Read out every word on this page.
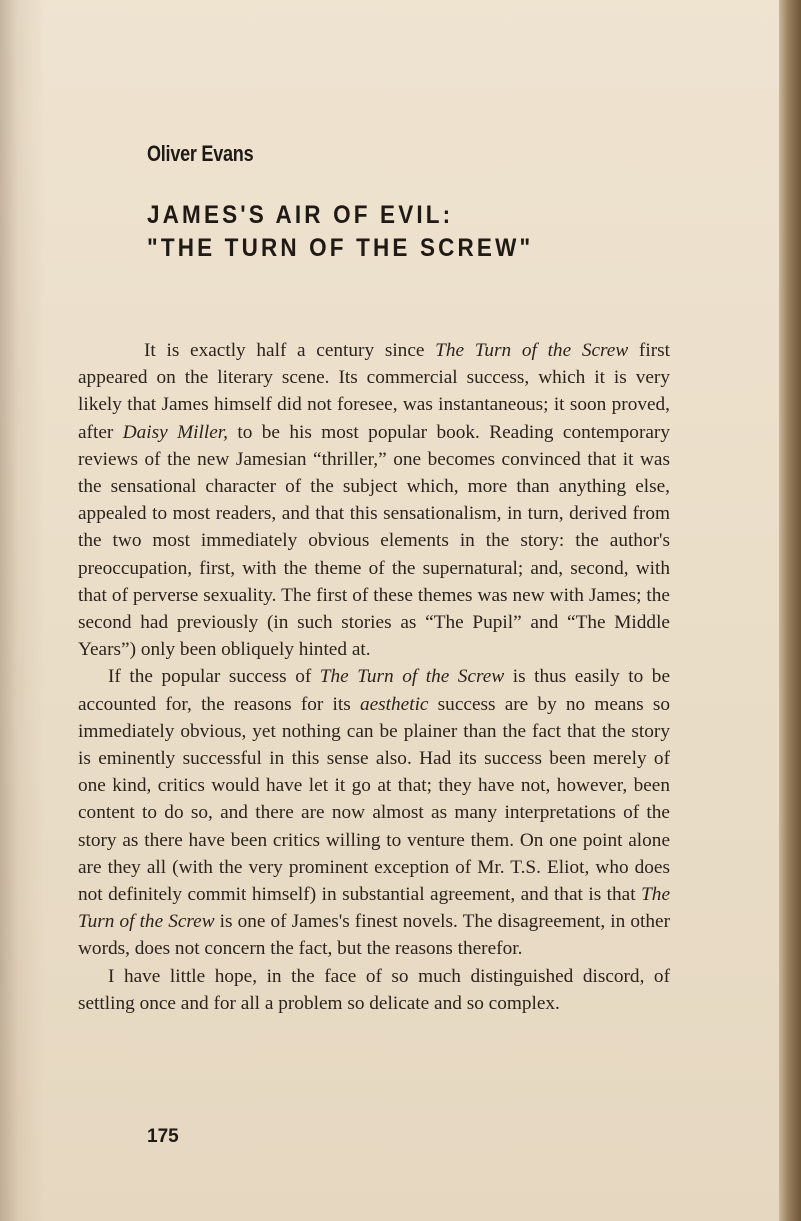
Oliver Evans
JAMES'S AIR OF EVIL:
"THE TURN OF THE SCREW"

It is exactly half a century since The Turn of the Screw first appeared on the literary scene. Its commercial success, which it is very likely that James himself did not foresee, was instantaneous; it soon proved, after Daisy Miller, to be his most popular book. Reading contemporary reviews of the new Jamesian “thriller,” one becomes convinced that it was the sensational character of the subject which, more than anything else, appealed to most readers, and that this sensationalism, in turn, derived from the two most immediately obvious elements in the story: the author's preoccupation, first, with the theme of the supernatural; and, second, with that of perverse sexuality. The first of these themes was new with James; the second had previously (in such stories as “The Pupil” and “The Middle Years”) only been obliquely hinted at.

If the popular success of The Turn of the Screw is thus easily to be accounted for, the reasons for its aesthetic success are by no means so immediately obvious, yet nothing can be plainer than the fact that the story is eminently successful in this sense also. Had its success been merely of one kind, critics would have let it go at that; they have not, however, been content to do so, and there are now almost as many interpretations of the story as there have been critics willing to venture them. On one point alone are they all (with the very prominent exception of Mr. T.S. Eliot, who does not definitely commit himself) in substantial agreement, and that is that The Turn of the Screw is one of James's finest novels. The disagreement, in other words, does not concern the fact, but the reasons therefor.

I have little hope, in the face of so much distinguished discord, of settling once and for all a problem so delicate and so complex.

175
